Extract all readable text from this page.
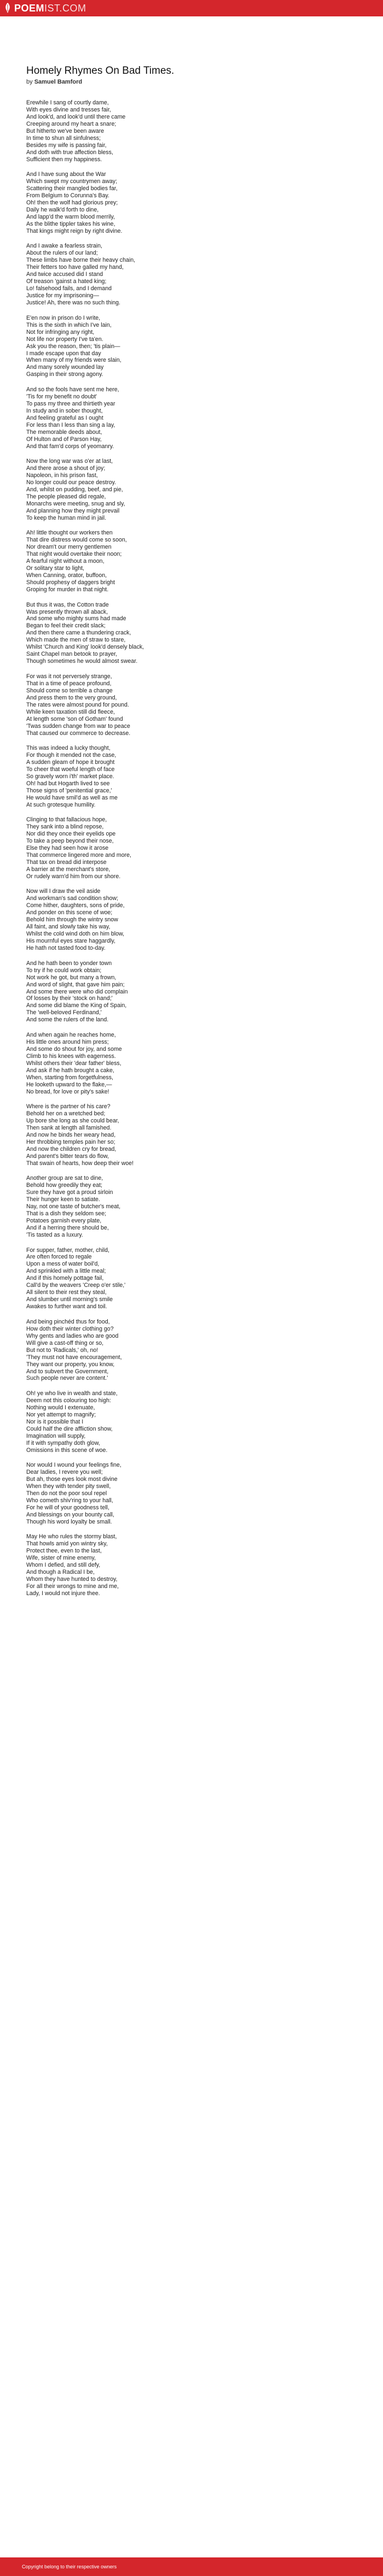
POEMIST.COM
Homely Rhymes On Bad Times.

by Samuel Bamford

Erewhile I sang of courtly dame,
With eyes divine and tresses fair,
And look'd, and look'd until there came
Creeping around my heart a snare;
But hitherto we've been aware
In time to shun all sinfulness;
Besides my wife is passing fair,
And doth with true affection bless,
Sufficient then my happiness.
And I have sung about the War
Which swept my countrymen away;
Scattering their mangled bodies far,
From Belgium to Corunna's Bay.
Oh! then the wolf had glorious prey;
Daily he walk'd forth to dine,
And lapp'd the warm blood merrily,
As the blithe tippler takes his wine,
That kings might reign by right divine.
And I awake a fearless strain,
About the rulers of our land;
These limbs have borne their heavy chain,
Their fetters too have galled my hand,
And twice accused did I stand
Of treason 'gainst a hated king;
Lo! falsehood fails, and I demand
Justice for my imprisoning—
Justice! Ah, there was no such thing.
E'en now in prison do I write,
This is the sixth in which I've lain,
Not for infringing any right,
Not life nor property I've ta'en.
Ask you the reason, then; 'tis plain—
I made escape upon that day
When many of my friends were slain,
And many sorely wounded lay
Gasping in their strong agony.
And so the fools have sent me here,
'Tis for my benefit no doubt'
To pass my three and thirtieth year
In study and in sober thought,
And feeling grateful as I ought
For less than I less than sing a lay,
The memorable deeds about,
Of Hulton and of Parson Hay,
And that fam'd corps of yeomanry.
Now the long war was o'er at last,
And there arose a shout of joy;
Napoleon, in his prison fast,
No longer could our peace destroy.
And, whilst on pudding, beef, and pie,
The people pleased did regale,
Monarchs were meeting, snug and sly,
And planning how they might prevail
To keep the human mind in jail.
Ah! little thought our workers then
That dire distress would come so soon,
Nor dream't our merry gentlemen
That night would overtake their noon;
A fearful night without a moon,
Or solitary star to light,
When Canning, orator, buffoon,
Should prophesy of daggers bright
Groping for murder in that night.
But thus it was, the Cotton trade
Was presently thrown all aback,
And some who mighty sums had made
Began to feel their credit slack;
And then there came a thundering crack,
Which made the men of straw to stare,
Whilst 'Church and King' look'd densely black,
Saint Chapel man betook to prayer,
Though sometimes he would almost swear.
For was it not perversely strange,
That in a time of peace profound,
Should come so terrible a change
And press them to the very ground,
The rates were almost pound for pound.
While keen taxation still did fleece,
At length some 'son of Gotham' found
'Twas sudden change from war to peace
That caused our commerce to decrease.
This was indeed a lucky thought,
For though it mended not the case,
A sudden gleam of hope it brought
To cheer that woeful length of face
So gravely worn i'th' market place.
Oh! had but Hogarth lived to see
Those signs of 'penitential grace,'
He would have smil'd as well as me
At such grotesque humility.
Clinging to that fallacious hope,
They sank into a blind repose,
Nor did they once their eyelids ope
To take a peep beyond their nose,
Else they had seen how it arose
That commerce lingered more and more,
That tax on bread did interpose
A barrier at the merchant's store,
Or rudely warn'd him from our shore.
Now will I draw the veil aside
And workman's sad condition show;
Come hither, daughters, sons of pride,
And ponder on this scene of woe;
Behold him through the wintry snow
All faint, and slowly take his way,
Whilst the cold wind doth on him blow,
His mournful eyes stare haggardly,
He hath not tasted food to-day.
And he hath been to yonder town
To try if he could work obtain;
Not work he got, but many a frown,
And word of slight, that gave him pain;
And some there were who did complain
Of losses by their 'stock on hand;'
And some did blame the King of Spain,
The 'well-beloved Ferdinand,'
And some the rulers of the land.
And when again he reaches home,
His little ones around him press;
And some do shout for joy, and some
Climb to his knees with eagerness.
Whilst others their 'dear father' bless,
And ask if he hath brought a cake,
When, starting from forgetfulness,
He looketh upward to the flake,—
No bread, for love or pity's sake!
Where is the partner of his care?
Behold her on a wretched bed;
Up bore she long as she could bear,
Then sank at length all famished.
And now he binds her weary head,
Her throbbing temples pain her so;
And now the children cry for bread,
And parent's bitter tears do flow,
That swain of hearts, how deep their woe!
Another group are sat to dine,
Behold how greedily they eat;
Sure they have got a proud sirloin
Their hunger keen to satiate.
Nay, not one taste of butcher's meat,
That is a dish they seldom see;
Potatoes garnish every plate,
And if a herring there should be,
'Tis tasted as a luxury.
For supper, father, mother, child,
Are often forced to regale
Upon a mess of water boil'd,
And sprinkled with a little meal;
And if this homely pottage fail,
Call'd by the weavers 'Creep o'er stile,'
All silent to their rest they steal,
And slumber until morning's smile
Awakes to further want and toil.
And being pinchéd thus for food,
How doth their winter clothing go?
Why gents and ladies who are good
Will give a cast-off thing or so,
But not to 'Radicals,' oh, no!
'They must not have encouragement,
They want our property, you know,
And to subvert the Government,
Such people never are content.'
Oh! ye who live in wealth and state,
Deem not this colouring too high:
Nothing would I extenuate,
Nor yet attempt to magnify;
Nor is it possible that I
Could half the dire affliction show,
Imagination will supply,
If it with sympathy doth glow,
Omissions in this scene of woe.
Nor would I wound your feelings fine,
Dear ladies, I revere you well;
But ah, those eyes look most divine
When they with tender pity swell,
Then do not the poor soul repel
Who cometh shiv'ring to your hall,
For he will of your goodness tell,
And blessings on your bounty call,
Though his word loyalty be small.
May He who rules the stormy blast,
That howls amid yon wintry sky,
Protect thee, even to the last,
Wife, sister of mine enemy,
Whom I defied, and still defy,
And though a Radical I be,
Whom they have hunted to destroy,
For all their wrongs to mine and me,
Lady, I would not injure thee.
Copyright belong to their respective owners
